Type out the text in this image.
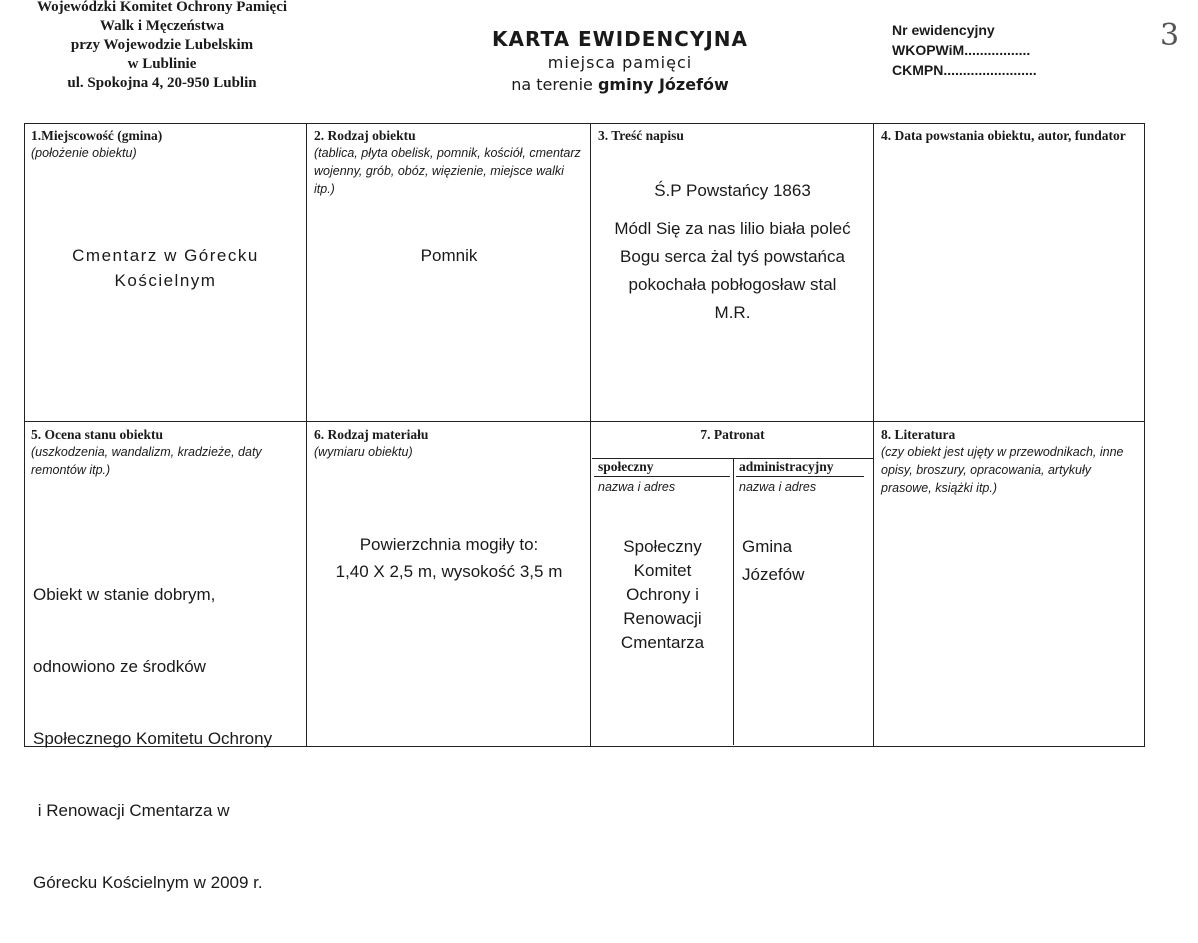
Wojewódzki Komitet Ochrony Pamięci
Walk i Męczeństwa
przy Wojewodzie Lubelskim
w Lublinie
ul. Spokojna 4, 20-950 Lublin
KARTA EWIDENCYJNA
miejsca pamięci
na terenie gminy Józefów
Nr ewidencyjny
WKOPWiM.................
CKMPN........................
3
1.Miejscowość (gmina)
(położenie obiektu)
Cmentarz w Górecku
Kościelnym
2. Rodzaj obiektu
(tablica, płyta obelisk, pomnik, kościół, cmentarz wojenny, grób, obóz, więzienie, miejsce walki itp.)
Pomnik
3. Treść napisu
Ś.P Powstańcy 1863
Módl Się za nas lilio biała poleć
Bogu serca żal tyś powstańca
pokochała pobłogosław stal
M.R.
4. Data powstania obiektu, autor, fundator
5. Ocena stanu obiektu
(uszkodzenia, wandalizm, kradzieże, daty remontów itp.)

Obiekt w stanie dobrym,

odnowiono ze środków

Społecznego Komitetu Ochrony

i Renowacji Cmentarza w

Górecku Kościelnym w 2009 r.

6. Rodzaj materiału
(wymiaru obiektu)
Powierzchnia mogiły to:
1,40 X 2,5 m, wysokość 3,5 m
7. Patronat
społeczny	administracyjny
nazwa i adres	nazwa i adres
Społeczny
Komitet
Ochrony i
Renowacji
Cmentarza
Gmina
Józefów
8. Literatura
(czy obiekt jest ujęty w przewodnikach, inne opisy, broszury, opracowania, artykuły prasowe, książki itp.)
